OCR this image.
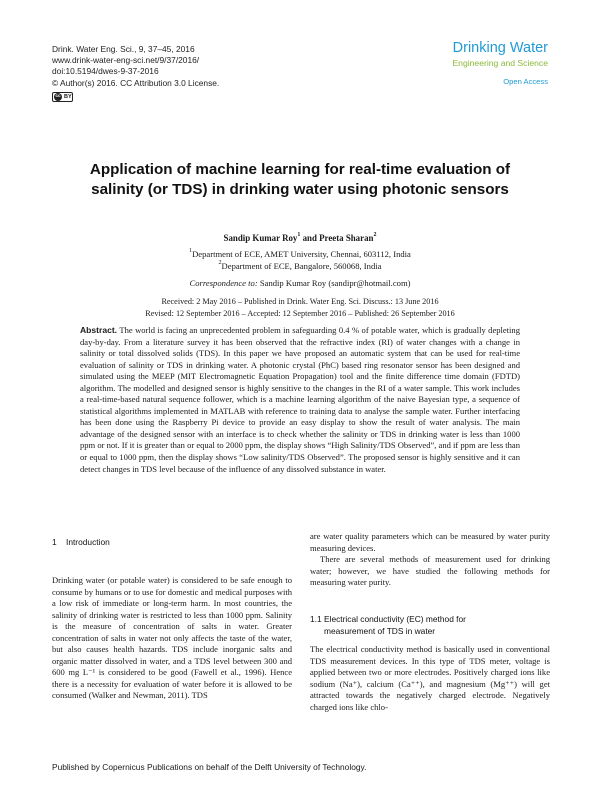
Drink. Water Eng. Sci., 9, 37–45, 2016
www.drink-water-eng-sci.net/9/37/2016/
doi:10.5194/dwes-9-37-2016
© Author(s) 2016. CC Attribution 3.0 License.
cc BY
Drinking Water
Engineering and Science
Open Access
Application of machine learning for real-time evaluation of salinity (or TDS) in drinking water using photonic sensors
Sandip Kumar Roy$^1$ and Preeta Sharan$^2$
$^1$Department of ECE, AMET University, Chennai, 603112, India
$^2$Department of ECE, Bangalore, 560068, India
Correspondence to: Sandip Kumar Roy (sandipr@hotmail.com)
Received: 2 May 2016 – Published in Drink. Water Eng. Sci. Discuss.: 13 June 2016
Revised: 12 September 2016 – Accepted: 12 September 2016 – Published: 26 September 2016
Abstract. The world is facing an unprecedented problem in safeguarding 0.4 % of potable water, which is gradually depleting day-by-day. From a literature survey it has been observed that the refractive index (RI) of water changes with a change in salinity or total dissolved solids (TDS). In this paper we have proposed an automatic system that can be used for real-time evaluation of salinity or TDS in drinking water. A photonic crystal (PhC) based ring resonator sensor has been designed and simulated using the MEEP (MIT Electromagnetic Equation Propagation) tool and the finite difference time domain (FDTD) algorithm. The modelled and designed sensor is highly sensitive to the changes in the RI of a water sample. This work includes a real-time-based natural sequence follower, which is a machine learning algorithm of the naive Bayesian type, a sequence of statistical algorithms implemented in MATLAB with reference to training data to analyse the sample water. Further interfacing has been done using the Raspberry Pi device to provide an easy display to show the result of water analysis. The main advantage of the designed sensor with an interface is to check whether the salinity or TDS in drinking water is less than 1000 ppm or not. If it is greater than or equal to 2000 ppm, the display shows “High Salinity/TDS Observed”, and if ppm are less than or equal to 1000 ppm, then the display shows “Low salinity/TDS Observed”. The proposed sensor is highly sensitive and it can detect changes in TDS level because of the influence of any dissolved substance in water.
1 Introduction

Drinking water (or potable water) is considered to be safe enough to consume by humans or to use for domestic and medical purposes with a low risk of immediate or long-term harm. In most countries, the salinity of drinking water is restricted to less than 1000 ppm. Salinity is the measure of concentration of salts in water. Greater concentration of salts in water not only affects the taste of the water, but also causes health hazards. TDS include inorganic salts and organic matter dissolved in water, and a TDS level between 300 and 600 mg L⁻¹ is considered to be good (Fawell et al., 1996). Hence there is a necessity for evaluation of water before it is allowed to be consumed (Walker and Newman, 2011). TDS

are water quality parameters which can be measured by water purity measuring devices.

There are several methods of measurement used for drinking water; however, we have studied the following methods for measuring water purity.

1.1 Electrical conductivity (EC) method for
measurement of TDS in water

The electrical conductivity method is basically used in conventional TDS measurement devices. In this type of TDS meter, voltage is applied between two or more electrodes. Positively charged ions like sodium (Na⁺), calcium (Ca⁺⁺), and magnesium (Mg⁺⁺) will get attracted towards the negatively charged electrode. Negatively charged ions like chlo-

Published by Copernicus Publications on behalf of the Delft University of Technology.
